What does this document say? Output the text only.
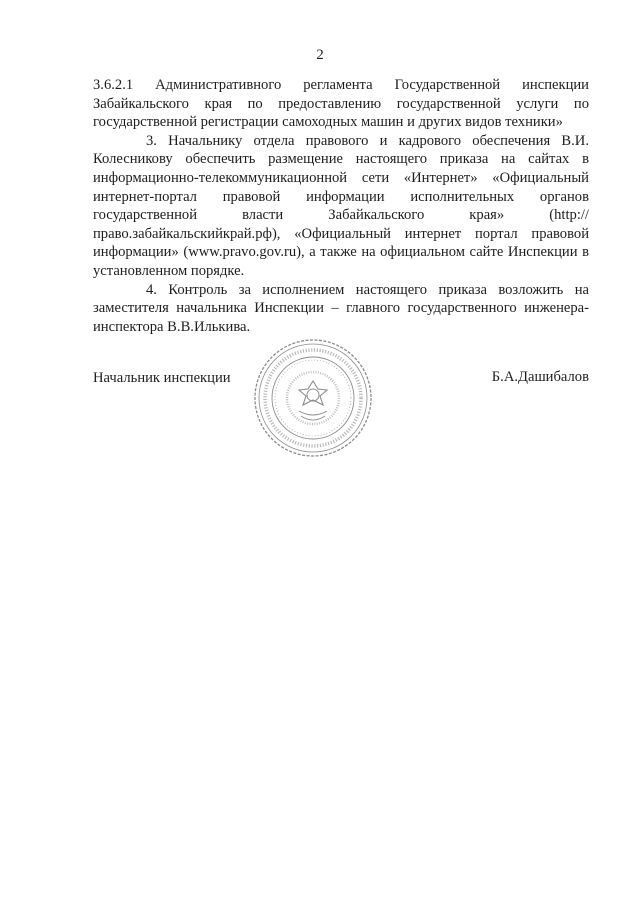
2

3.6.2.1 Административного регламента Государственной инспекции Забайкальского края по предоставлению государственной услуги по государственной регистрации самоходных машин и других видов техники»

3. Начальнику отдела правового и кадрового обеспечения В.И. Колесникову обеспечить размещение настоящего приказа на сайтах в информационно-телекоммуникационной сети «Интернет» «Официальный интернет-портал правовой информации исполнительных органов государственной власти Забайкальского края» (http://право.забайкальскийкрай.рф), «Официальный интернет портал правовой информации» (www.pravo.gov.ru), а также на официальном сайте Инспекции в установленном порядке.

4. Контроль за исполнением настоящего приказа возложить на заместителя начальника Инспекции – главного государственного инженера-инспектора В.В.Илькива.

Начальник инспекции	Б.А.Дашибалов
